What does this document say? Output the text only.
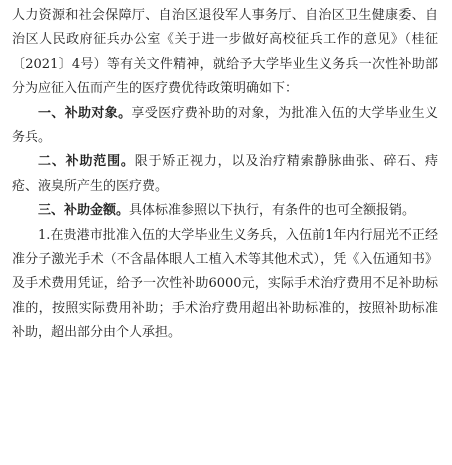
人力资源和社会保障厅、自治区退役军人事务厅、自治区卫生健康委、自治区人民政府征兵办公室《关于进一步做好高校征兵工作的意见》（桂征〔2021〕4号）等有关文件精神，就给予大学毕业生义务兵一次性补助部分为应征入伍而产生的医疗费优待政策明确如下：

一、补助对象。享受医疗费补助的对象，为批准入伍的大学毕业生义务兵。

二、补助范围。限于矫正视力，以及治疗精索静脉曲张、碎石、痔疮、液臭所产生的医疗费。

三、补助金额。具体标准参照以下执行，有条件的也可全额报销。

1.在贵港市批准入伍的大学毕业生义务兵，入伍前1年内行屈光不正经准分子激光手术（不含晶体眼人工植入术等其他术式），凭《入伍通知书》及手术费用凭证，给予一次性补助6000元，实际手术治疗费用不足补助标准的，按照实际费用补助；手术治疗费用超出补助标准的，按照补助标准补助，超出部分由个人承担。
